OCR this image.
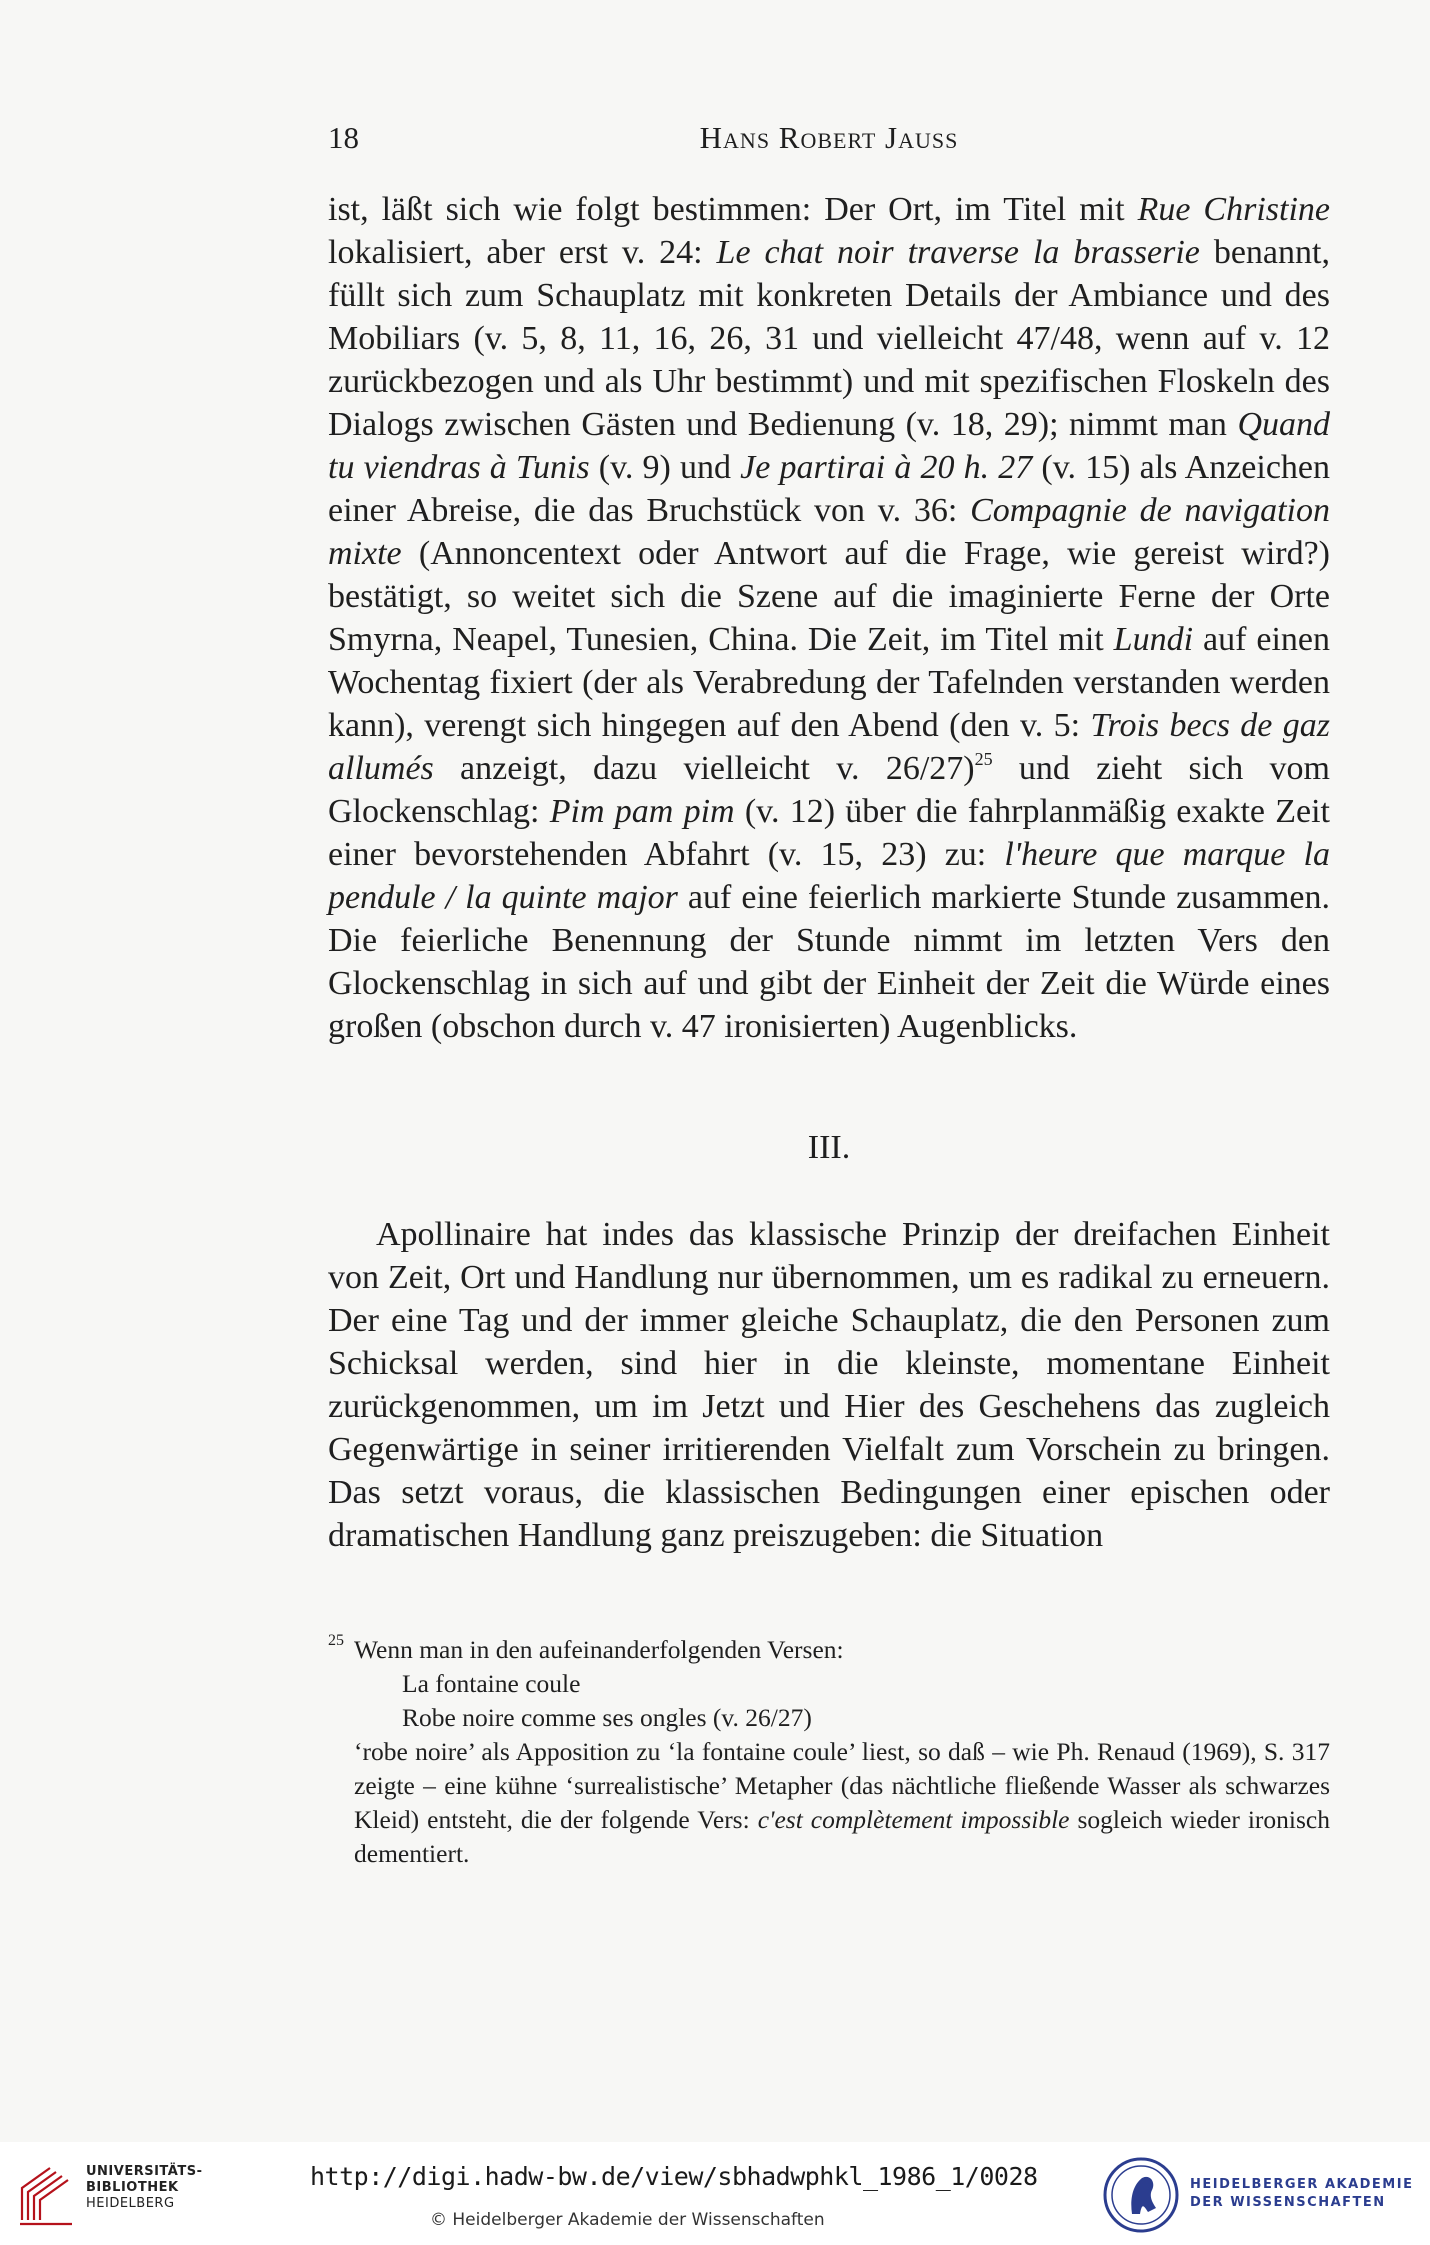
18	Hans Robert Jauss

ist, läßt sich wie folgt bestimmen: Der Ort, im Titel mit Rue Christine lokalisiert, aber erst v. 24: Le chat noir traverse la brasserie benannt, füllt sich zum Schauplatz mit konkreten Details der Ambiance und des Mobiliars (v. 5, 8, 11, 16, 26, 31 und vielleicht 47/48, wenn auf v. 12 zurückbezogen und als Uhr bestimmt) und mit spezifischen Floskeln des Dialogs zwischen Gästen und Bedienung (v. 18, 29); nimmt man Quand tu viendras à Tunis (v. 9) und Je partirai à 20 h. 27 (v. 15) als Anzeichen einer Abreise, die das Bruchstück von v. 36: Compagnie de navigation mixte (Annoncentext oder Antwort auf die Frage, wie gereist wird?) bestätigt, so weitet sich die Szene auf die imaginierte Ferne der Orte Smyrna, Neapel, Tunesien, China. Die Zeit, im Titel mit Lundi auf einen Wochentag fixiert (der als Verabredung der Tafelnden verstanden werden kann), verengt sich hingegen auf den Abend (den v. 5: Trois becs de gaz allumés anzeigt, dazu vielleicht v. 26/27)$^{25}$ und zieht sich vom Glockenschlag: Pim pam pim (v. 12) über die fahrplanmäßig exakte Zeit einer bevorstehenden Abfahrt (v. 15, 23) zu: l'heure que marque la pendule / la quinte major auf eine feierlich markierte Stunde zusammen. Die feierliche Benennung der Stunde nimmt im letzten Vers den Glockenschlag in sich auf und gibt der Einheit der Zeit die Würde eines großen (obschon durch v. 47 ironisierten) Augenblicks.

III.

Apollinaire hat indes das klassische Prinzip der dreifachen Einheit von Zeit, Ort und Handlung nur übernommen, um es radikal zu erneuern. Der eine Tag und der immer gleiche Schauplatz, die den Personen zum Schicksal werden, sind hier in die kleinste, momentane Einheit zurückgenommen, um im Jetzt und Hier des Geschehens das zugleich Gegenwärtige in seiner irritierenden Vielfalt zum Vorschein zu bringen. Das setzt voraus, die klassischen Bedingungen einer epischen oder dramatischen Handlung ganz preiszugeben: die Situation

25 Wenn man in den aufeinanderfolgenden Versen:

La fontaine coule

Robe noire comme ses ongles (v. 26/27)

‘robe noire’ als Apposition zu ‘la fontaine coule’ liest, so daß – wie Ph. Renaud (1969), S. 317 zeigte – eine kühne ‘surrealistische’ Metapher (das nächtliche fließende Wasser als schwarzes Kleid) entsteht, die der folgende Vers: c'est complètement impossible sogleich wieder ironisch dementiert.

UNIVERSITÄTS-
BIBLIOTHEK
HEIDELBERG
http://digi.hadw-bw.de/view/sbhadwphkl_1986_1/0028
© Heidelberger Akademie der Wissenschaften
HEIDELBERGER AKADEMIE
DER WISSENSCHAFTEN
